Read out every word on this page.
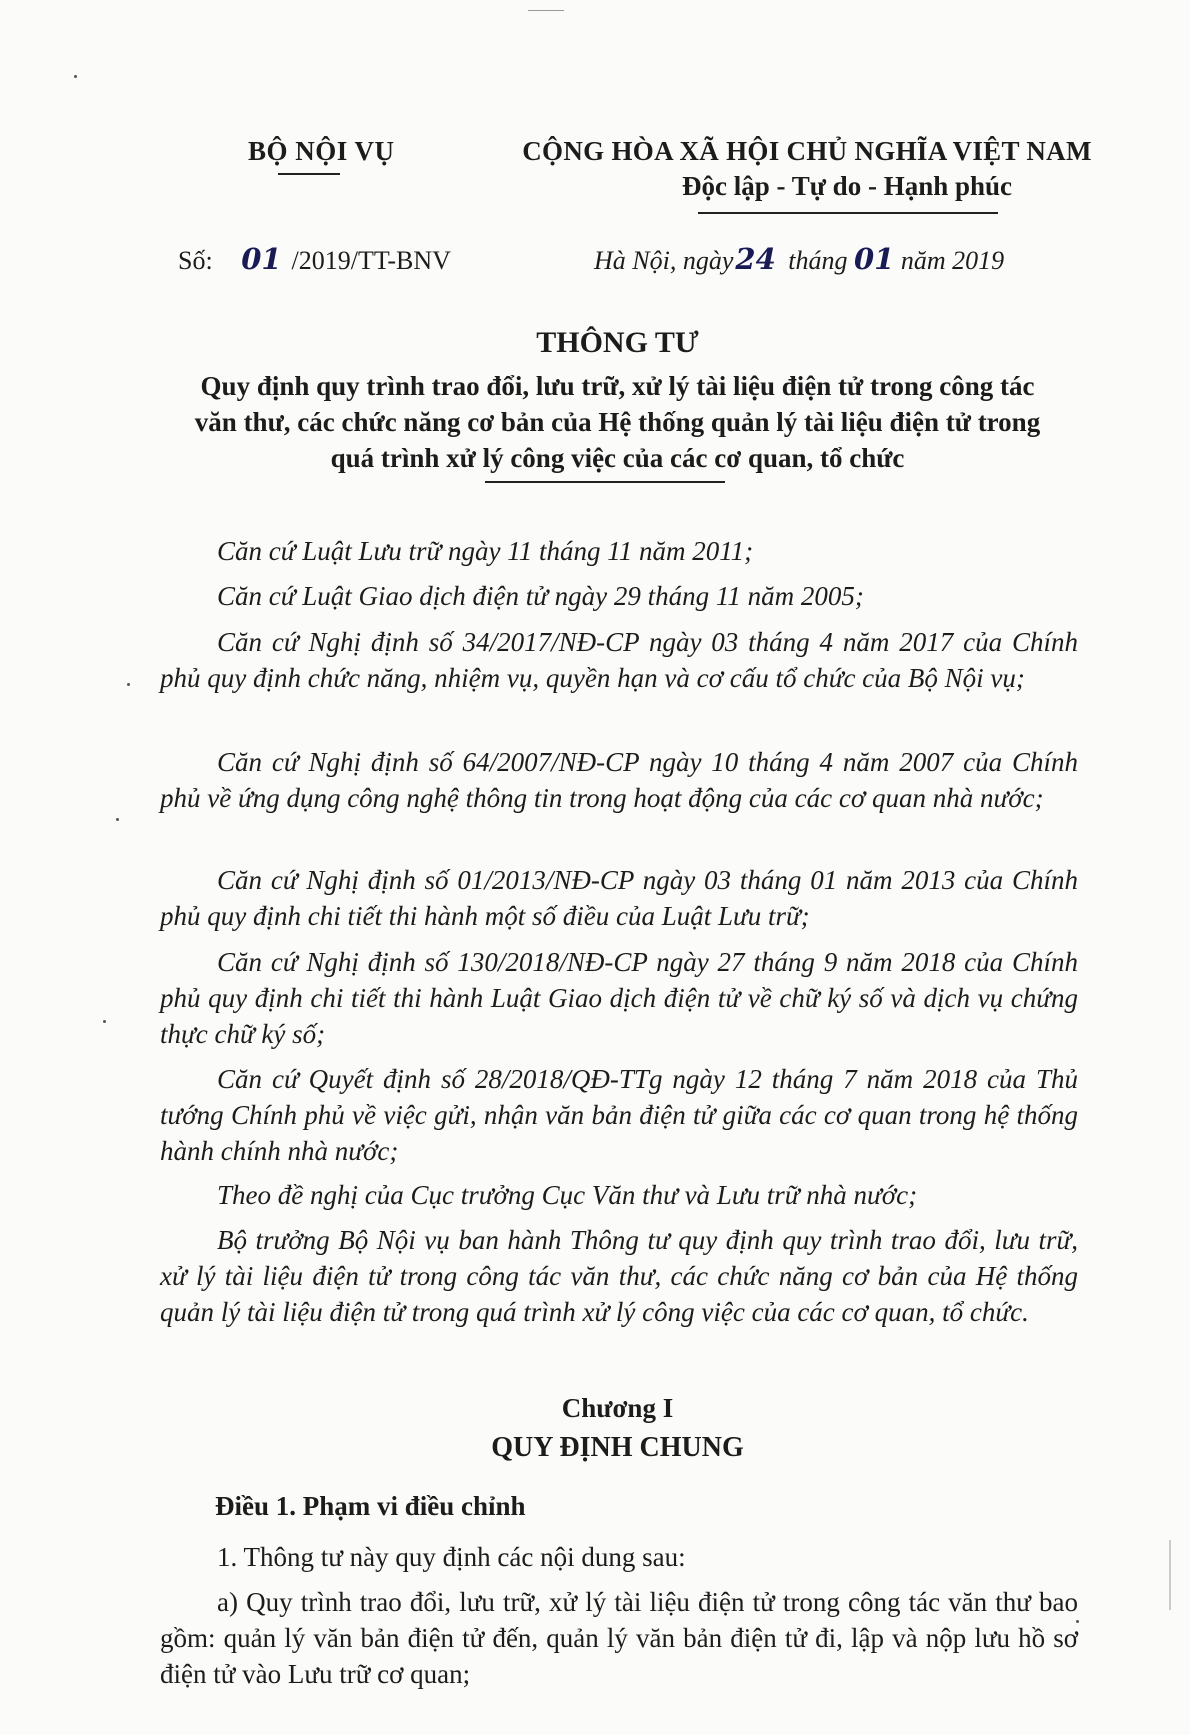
BỘ NỘI VỤ	CỘNG HÒA XÃ HỘI CHỦ NGHĨA VIỆT NAM
Độc lập - Tự do - Hạnh phúc
Số: 01 /2019/TT-BNV	Hà Nội, ngày24 tháng 01 năm 2019
THÔNG TƯ
Quy định quy trình trao đổi, lưu trữ, xử lý tài liệu điện tử trong công tác
văn thư, các chức năng cơ bản của Hệ thống quản lý tài liệu điện tử trong
quá trình xử lý công việc của các cơ quan, tổ chức
Căn cứ Luật Lưu trữ ngày 11 tháng 11 năm 2011;
Căn cứ Luật Giao dịch điện tử ngày 29 tháng 11 năm 2005;
Căn cứ Nghị định số 34/2017/NĐ-CP ngày 03 tháng 4 năm 2017 của Chính phủ quy định chức năng, nhiệm vụ, quyền hạn và cơ cấu tổ chức của Bộ Nội vụ;
Căn cứ Nghị định số 64/2007/NĐ-CP ngày 10 tháng 4 năm 2007 của Chính phủ về ứng dụng công nghệ thông tin trong hoạt động của các cơ quan nhà nước;
Căn cứ Nghị định số 01/2013/NĐ-CP ngày 03 tháng 01 năm 2013 của Chính phủ quy định chi tiết thi hành một số điều của Luật Lưu trữ;
Căn cứ Nghị định số 130/2018/NĐ-CP ngày 27 tháng 9 năm 2018 của Chính phủ quy định chi tiết thi hành Luật Giao dịch điện tử về chữ ký số và dịch vụ chứng thực chữ ký số;
Căn cứ Quyết định số 28/2018/QĐ-TTg ngày 12 tháng 7 năm 2018 của Thủ tướng Chính phủ về việc gửi, nhận văn bản điện tử giữa các cơ quan trong hệ thống hành chính nhà nước;
Theo đề nghị của Cục trưởng Cục Văn thư và Lưu trữ nhà nước;
Bộ trưởng Bộ Nội vụ ban hành Thông tư quy định quy trình trao đổi, lưu trữ, xử lý tài liệu điện tử trong công tác văn thư, các chức năng cơ bản của Hệ thống quản lý tài liệu điện tử trong quá trình xử lý công việc của các cơ quan, tổ chức.
Chương I
QUY ĐỊNH CHUNG
Điều 1. Phạm vi điều chỉnh
1. Thông tư này quy định các nội dung sau:
a) Quy trình trao đổi, lưu trữ, xử lý tài liệu điện tử trong công tác văn thư bao gồm: quản lý văn bản điện tử đến, quản lý văn bản điện tử đi, lập và nộp lưu hồ sơ điện tử vào Lưu trữ cơ quan;
